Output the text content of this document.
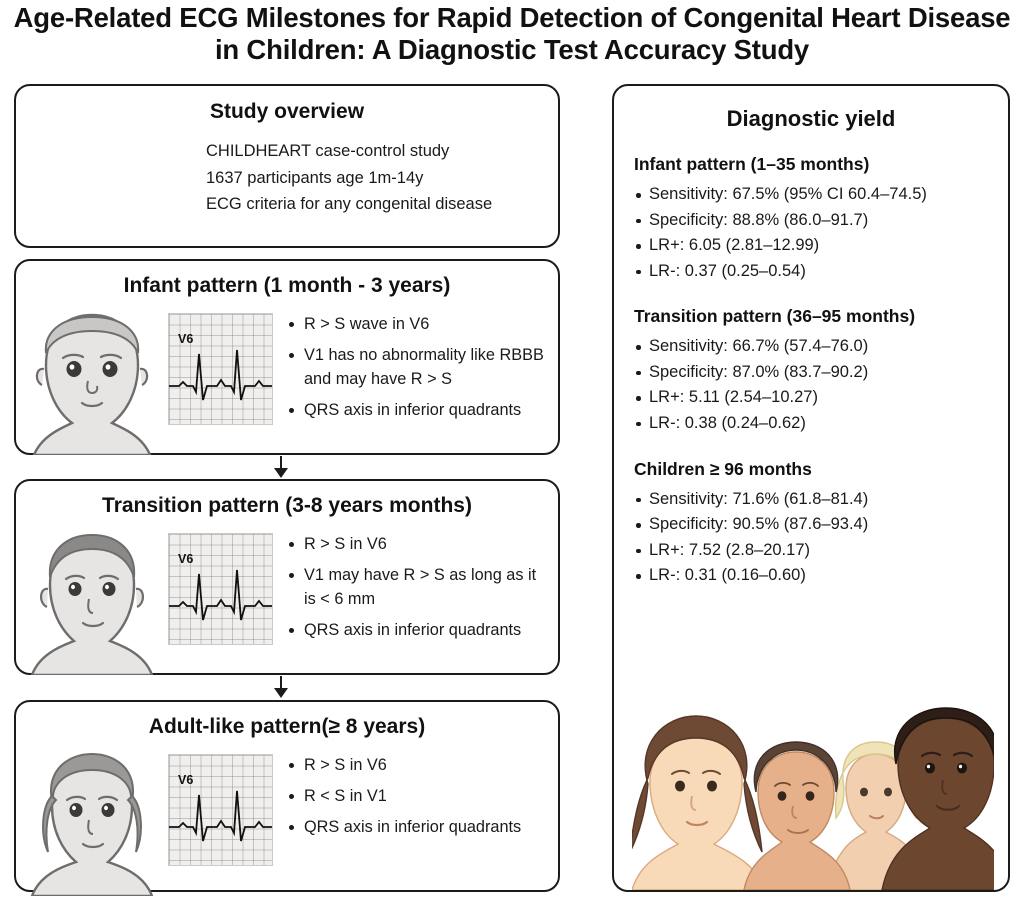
Age-Related ECG Milestones for Rapid Detection of Congenital Heart Disease in Children: A Diagnostic Test Accuracy Study
Study overview
CHILDHEART case-control study
1637 participants age 1m-14y
ECG criteria for any congenital disease
Infant pattern (1 month - 3 years)
V6
R > S wave in V6
V1 has no abnormality like RBBB and may have R > S
QRS axis in inferior quadrants
Transition pattern (3-8 years months)
V6
R > S in V6
V1 may have R > S as long as it is < 6 mm
QRS axis in inferior quadrants
Adult-like pattern(≥ 8 years)
V6
R > S in V6
R < S in V1
QRS axis in inferior quadrants
Diagnostic yield
Infant pattern (1–35 months)
Sensitivity: 67.5% (95% CI 60.4–74.5)
Specificity: 88.8% (86.0–91.7)
LR+: 6.05 (2.81–12.99)
LR-: 0.37 (0.25–0.54)
Transition pattern (36–95 months)
Sensitivity: 66.7% (57.4–76.0)
Specificity: 87.0% (83.7–90.2)
LR+: 5.11 (2.54–10.27)
LR-: 0.38 (0.24–0.62)
Children ≥ 96 months
Sensitivity: 71.6% (61.8–81.4)
Specificity: 90.5% (87.6–93.4)
LR+: 7.52 (2.8–20.17)
LR-: 0.31 (0.16–0.60)
